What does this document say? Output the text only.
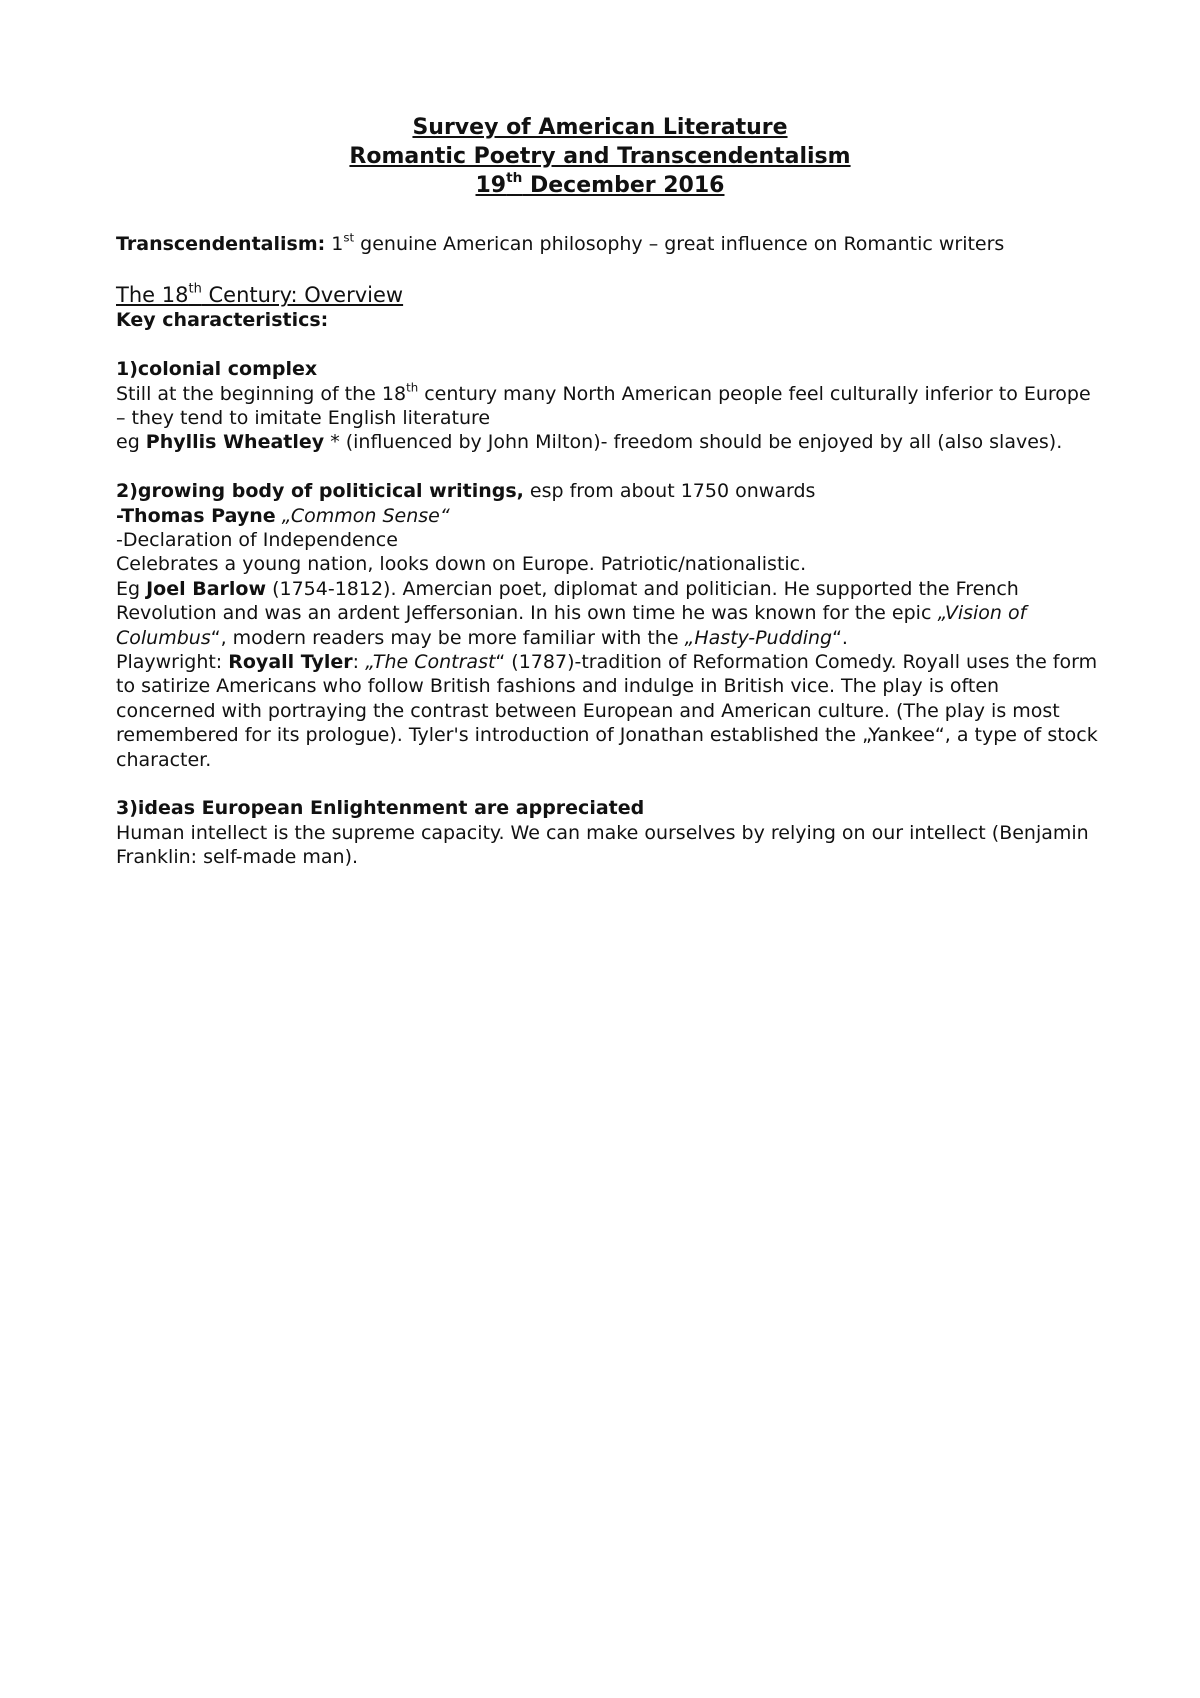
Survey of American Literature
Romantic Poetry and Transcendentalism
19th December 2016

Transcendentalism: 1st genuine American philosophy – great influence on Romantic writers

The 18th Century: Overview

Key characteristics:

1)colonial complex

Still at the beginning of the 18th century many North American people feel culturally inferior to Europe – they tend to imitate English literature

eg Phyllis Wheatley * (influenced by John Milton)- freedom should be enjoyed by all (also slaves).

2)growing body of politicical writings, esp from about 1750 onwards

-Thomas Payne „Common Sense“

-Declaration of Independence

Celebrates a young nation, looks down on Europe. Patriotic/nationalistic.

Eg Joel Barlow (1754-1812). Amercian poet, diplomat and politician. He supported the French Revolution and was an ardent Jeffersonian. In his own time he was known for the epic „Vision of Columbus“, modern readers may be more familiar with the „Hasty-Pudding“.

Playwright: Royall Tyler: „The Contrast“ (1787)-tradition of Reformation Comedy. Royall uses the form to satirize Americans who follow British fashions and indulge in British vice. The play is often concerned with portraying the contrast between European and American culture. (The play is most remembered for its prologue). Tyler's introduction of Jonathan established the „Yankee“, a type of stock character.

3)ideas European Enlightenment are appreciated

Human intellect is the supreme capacity. We can make ourselves by relying on our intellect (Benjamin Franklin: self-made man).
